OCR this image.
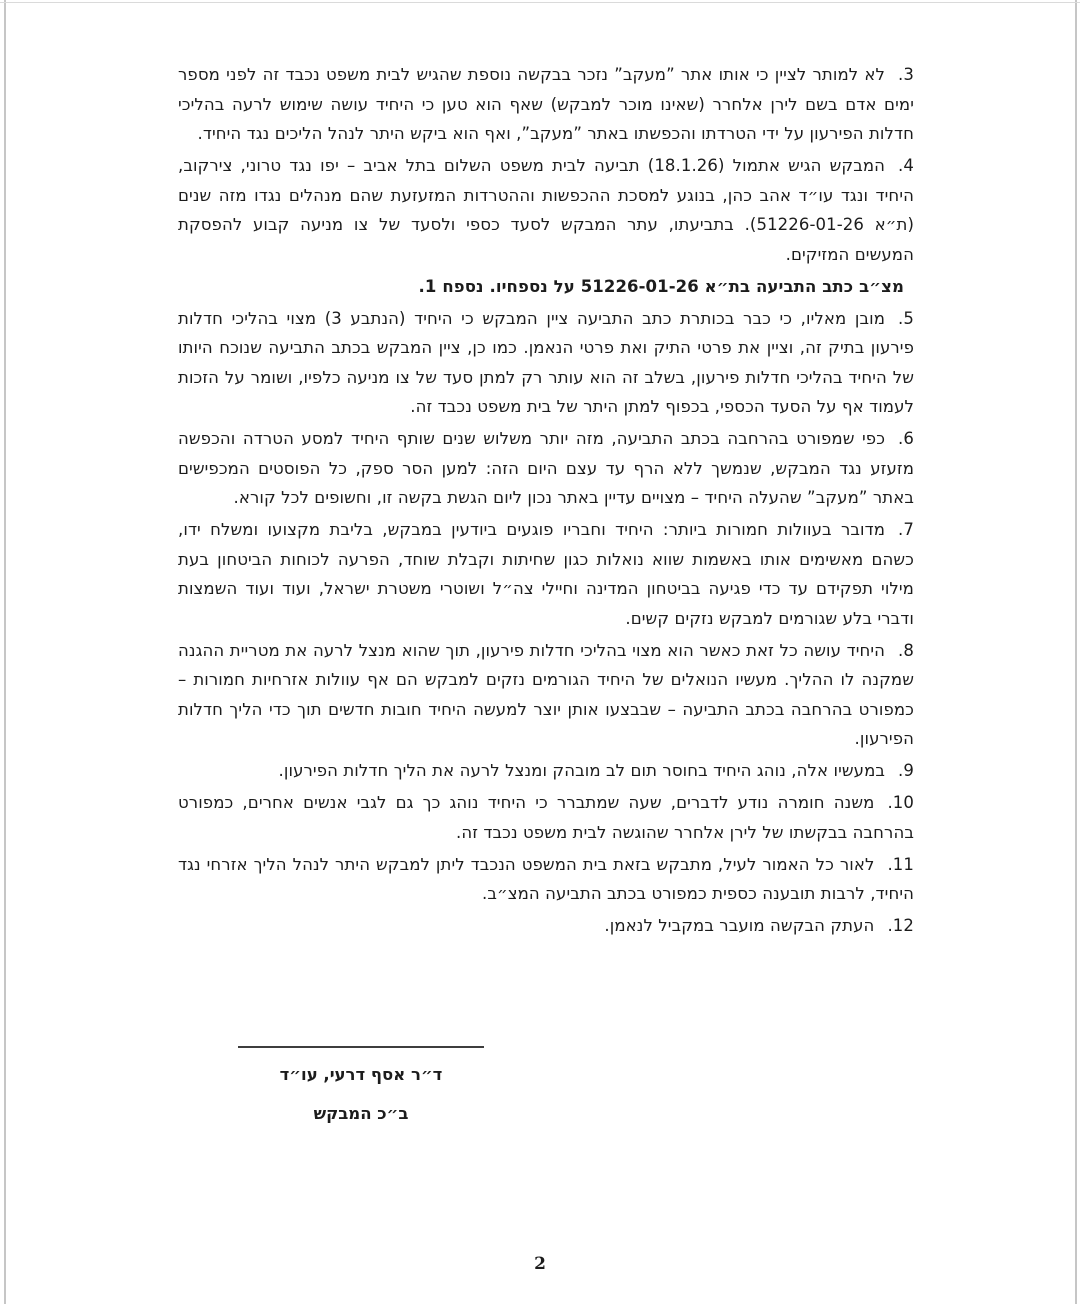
3.לא למותר לציין כי אותו אתר ”מעקב” נזכר בבקשה נוספת שהגיש לבית משפט נכבד זה לפני מספר ימים אדם בשם לירן אלחרר (שאינו מוכר למבקש) שאף הוא טען כי היחיד עושה שימוש לרעה בהליכי חדלות הפירעון על ידי הטרדתו והכפשתו באתר ”מעקב”, ואף הוא ביקש היתר לנהל הליכים נגד היחיד.
4.המבקש הגיש אתמול (18.1.26) תביעה לבית משפט השלום בתל אביב – יפו נגד טרוני, צירקוב, היחיד ונגד עו״ד אהב כהן, בנוגע למסכת ההכפשות וההטרדות המזעזעת שהם מנהלים נגדו מזה שנים (ת״א 51226-01-26). בתביעתו, עתר המבקש לסעד כספי ולסעד של צו מניעה קבוע להפסקת המעשים המזיקים.
מצ״ב כתב התביעה בת״א 51226-01-26 על נספחיו. נספח 1.
5.מובן מאליו, כי כבר בכותרת כתב התביעה ציין המבקש כי היחיד (הנתבע 3) מצוי בהליכי חדלות פירעון בתיק זה, וציין את פרטי התיק ואת פרטי הנאמן. כמו כן, ציין המבקש בכתב התביעה שנוכח היותו של היחיד בהליכי חדלות פירעון, בשלב זה הוא עותר רק למתן סעד של צו מניעה כלפיו, ושומר על הזכות לעמוד אף על הסעד הכספי, בכפוף למתן היתר של בית משפט נכבד זה.
6.כפי שמפורט בהרחבה בכתב התביעה, מזה יותר משלוש שנים שותף היחיד למסע הטרדה והכפשה מזעזע נגד המבקש, שנמשך ללא הרף עד עצם היום הזה: למען הסר ספק, כל הפוסטים המכפישים באתר ”מעקב” שהעלה היחיד – מצויים עדיין באתר נכון ליום הגשת בקשה זו, וחשופים לכל קורא.
7.מדובר בעוולות חמורות ביותר: היחיד וחבריו פוגעים ביודעין במבקש, בליבת מקצועו ומשלח ידו, כשהם מאשימים אותו באשמות שווא נואלות כגון שחיתות וקבלת שוחד, הפרעה לכוחות הביטחון בעת מילוי תפקידם עד כדי פגיעה בביטחון המדינה וחיילי צה״ל ושוטרי משטרת ישראל, ועוד ועוד השמצות ודברי בלע שגורמים למבקש נזקים קשים.
8.היחיד עושה כל זאת כאשר הוא מצוי בהליכי חדלות פירעון, תוך שהוא מנצל לרעה את מטריית ההגנה שמקנה לו ההליך. מעשיו הנואלים של היחיד הגורמים נזקים למבקש הם אף עוולות אזרחיות חמורות – כמפורט בהרחבה בכתב התביעה – שבבצעו אותן יוצר למעשה היחיד חובות חדשים תוך כדי הליך חדלות הפירעון.
9.במעשיו אלה, נוהג היחיד בחוסר תום לב מובהק ומנצל לרעה את הליך חדלות הפירעון.
10.משנה חומרה נודע לדברים, שעה שמתברר כי היחיד נוהג כך גם לגבי אנשים אחרים, כמפורט בהרחבה בבקשתו של לירן אלחרר שהוגשה לבית משפט נכבד זה.
11.לאור כל האמור לעיל, מתבקש בזאת בית המשפט הנכבד ליתן למבקש היתר לנהל הליך אזרחי נגד היחיד, לרבות תובענה כספית כמפורט בכתב התביעה המצ״ב.
12.העתק הבקשה מועבר במקביל לנאמן.
ד״ר אסף דרעי, עו״ד
ב״כ המבקש
2
